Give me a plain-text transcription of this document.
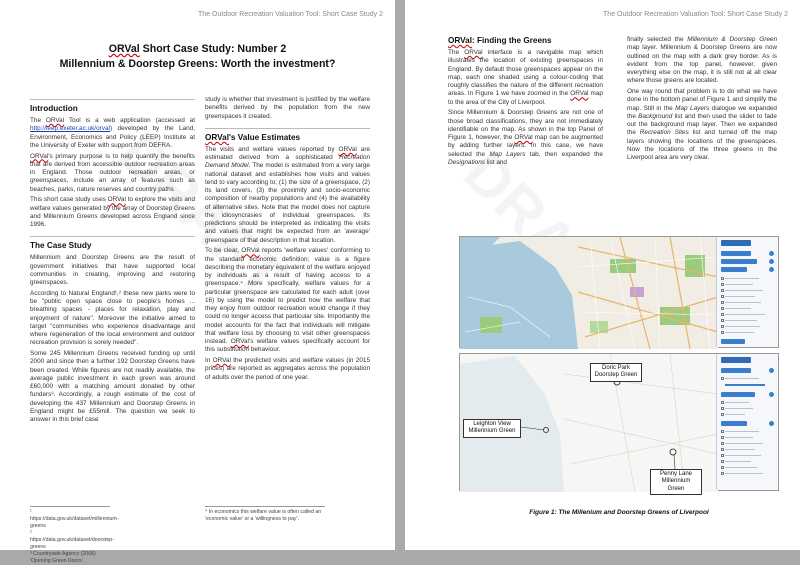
The Outdoor Recreation Valuation Tool: Short Case Study 2
ORVal Short Case Study: Number 2
Millennium & Doorstep Greens: Worth the investment?
Introduction

The ORVal Tool is a web application (accessed at http://leep.exeter.ac.uk/orval) developed by the Land, Environment, Economics and Policy (LEEP) Institute at the University of Exeter with support from DEFRA.

ORVal's primary purpose is to help quantify the benefits that are derived from accessible outdoor recreation areas in England. Those outdoor recreation areas, or greenspaces, include an array of features such as beaches, parks, nature reserves and country paths

This short case study uses ORVal to explore the visits and welfare values generated by the array of Doorstep Greens and Millennium Greens developed across England since 1996.

The Case Study

Millennium and Doorstep Greens are the result of government initiatives that have supported local communities in creating, improving and restoring greenspaces.

According to Natural England¹,² these new parks were to be "public open space close to people's homes ... breathing spaces - places for relaxation, play and enjoyment of nature". Moreover the initiative aimed to target "communities who experience disadvantage and where regeneration of the local environment and outdoor recreation provision is sorely needed".

Some 245 Millennium Greens received funding up until 2000 and since then a further 192 Doorstep Greens have been created. While figures are not readily available, the average public investment in each green was around £60,000 with a matching amount donated by other funders³. Accordingly, a rough estimate of the cost of developing the 437 Millennium and Doorstep Greens in England might be £55mill. The question we seek to answer in this brief case

study is whether that investment is justified by the welfare benefits derived by the population from the new greenspaces it created.

ORVal's Value Estimates

The visits and welfare values reported by ORVal are estimated derived from a sophisticated Recreation Demand Model. The model is estimated from a very large national dataset and establishes how visits and values tend to vary according to; (1) the size of a greenspace, (2) its land covers, (3) the proximity and socio-economic composition of nearby populations and (4) the availability of alternative sites. Note that the model does not capture the idiosyncrasies of individual greenspaces. Its predictions should be interpreted as indicating the visits and values that might be expected from an 'average' greenspace of that description in that location.

To be clear, ORVal reports 'welfare values' conforming to the standard economic definition; value is a figure describing the monetary equivalent of the welfare enjoyed by individuals as a result of having access to a greenspace.⁴ More specifically, welfare values for a particular greenspace are calculated for each adult (over 16) by using the model to predict how the welfare that they enjoy from outdoor recreation would change if they could no longer access that particular site. Importantly the model accounts for the fact that individuals will mitigate that welfare loss by choosing to visit other greenspaces instead. ORVal's welfare values specifically account for this substitution behaviour.

In ORVal the predicted visits and welfare values (in 2015 prices) are reported as aggregates across the population of adults over the period of one year.

¹ https://data.gov.uk/dataset/millennium-greens
² https://data.gov.uk/dataset/doorstep-greens
³ Countryside Agency (2006) 'Opening Green Doors'.
⁴ In economics this welfare value is often called an 'economic value' or a 'willingness to pay'.
The Outdoor Recreation Valuation Tool: Short Case Study 2
ORVal: Finding the Greens

The ORVal interface is a navigable map which illustrates the location of existing greenspaces in England. By default those greenspaces appear on the map, each one shaded using a colour-coding that roughly classifies the nature of the different recreation areas. In Figure 1 we have zoomed in the ORVal map to the area of the City of Liverpool.

Since Millennium & Doorstep Greens are not one of those broad classifications, they are not immediately identifiable on the map. As shown in the top Panel of Figure 1, however, the ORVal map can be augmented by adding further layers. In this case, we have selected the Map Layers tab, then expanded the Designations list and

finally selected the Millennium & Doorstep Green map layer. Millennium & Doorstep Greens are now outlined on the map with a dark grey border. As is evident from the top panel, however, given everything else on the map, it is still not at all clear where those greens are located.

One way round that problem is to do what we have done in the bottom panel of Figure 1 and simplify the map. Still in the Map Layers dialogue we expanded the Background list and then used the slider to fade out the background map layer. Then we expanded the Recreation Sites list and turned off the map layers showing the locations of the greenspaces. Now the locations of the three greens in the Liverpool area are very clear.

Doric Park Doorstep Green
Leighton View Millennium Green
Penny Lane Millennium Green
Figure 1: The Millenium and Doorstep Greens of Liverpool
